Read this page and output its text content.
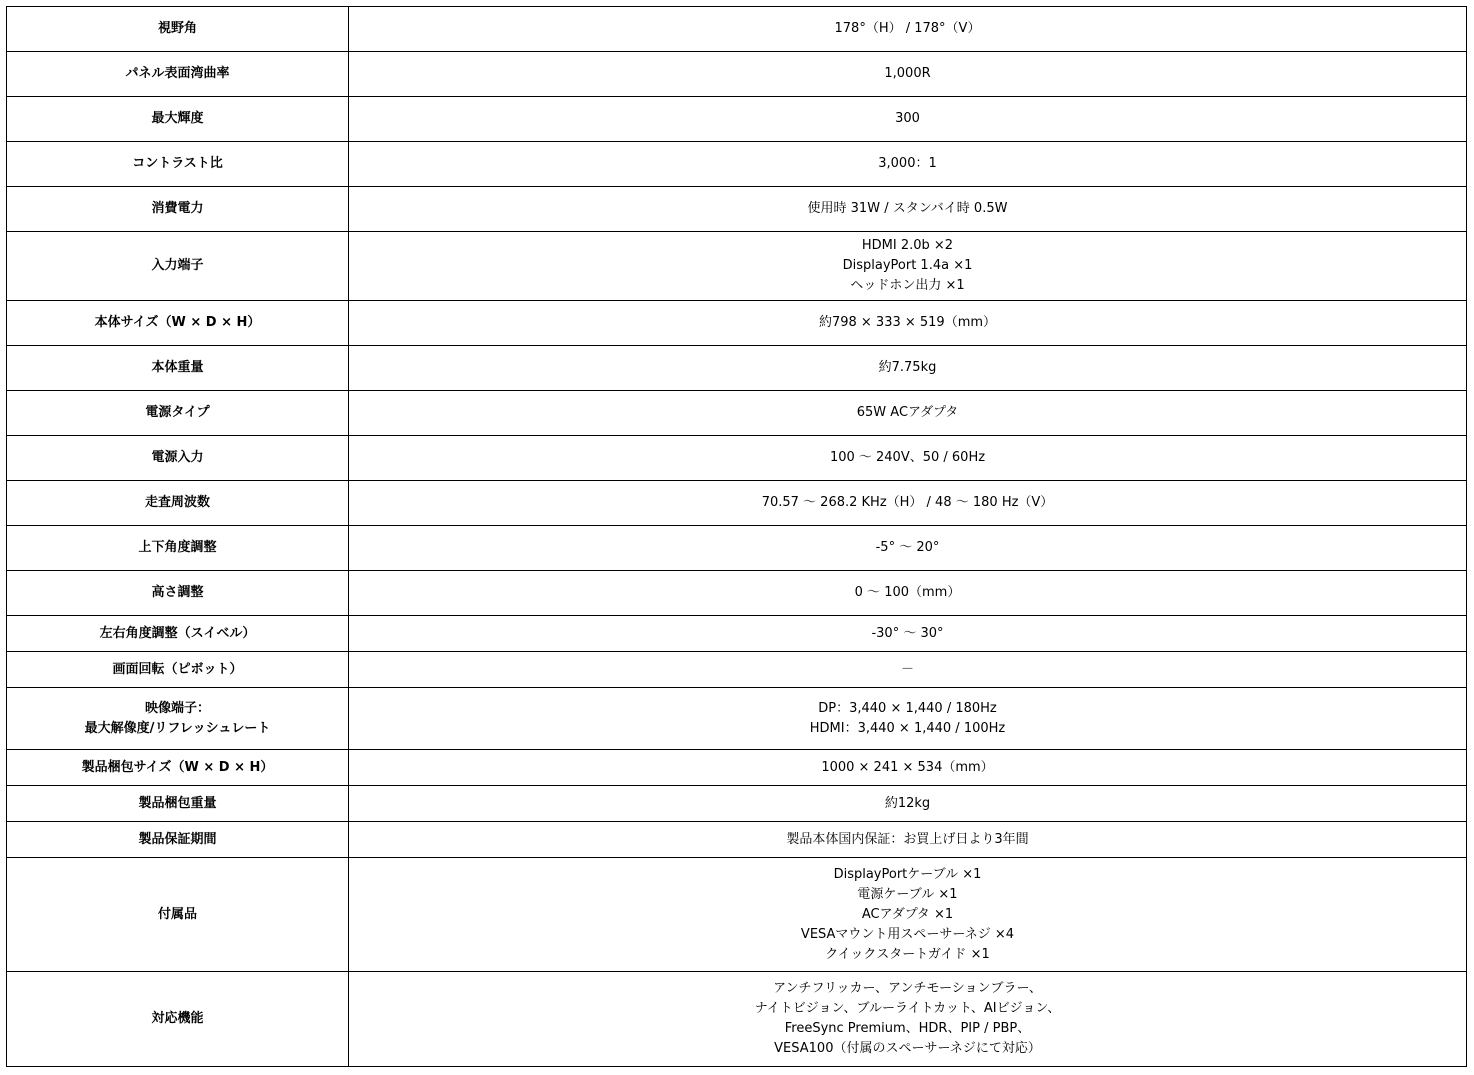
視野角	178°（H） / 178°（V）
パネル表面湾曲率	1,000R
最大輝度	300
コントラスト比	3,000：1
消費電力	使用時 31W / スタンバイ時 0.5W
入力端子	HDMI 2.0b ×2
DisplayPort 1.4a ×1
ヘッドホン出力 ×1
本体サイズ（W × D × H）	約798 × 333 × 519（mm）
本体重量	約7.75kg
電源タイプ	65W ACアダプタ
電源入力	100 ～ 240V、50 / 60Hz
走査周波数	70.57 ～ 268.2 KHz（H） / 48 ～ 180 Hz（V）
上下角度調整	-5° ～ 20°
高さ調整	0 ～ 100（mm）
左右角度調整（スイベル）	-30° ～ 30°
画面回転（ピボット）	－
映像端子：
最大解像度/リフレッシュレート	DP：3,440 × 1,440 / 180Hz
HDMI：3,440 × 1,440 / 100Hz
製品梱包サイズ（W × D × H）	1000 × 241 × 534（mm）
製品梱包重量	約12kg
製品保証期間	製品本体国内保証：お買上げ日より3年間
付属品	DisplayPortケーブル ×1
電源ケーブル ×1
ACアダプタ ×1
VESAマウント用スペーサーネジ ×4
クイックスタートガイド ×1
対応機能	アンチフリッカー、アンチモーションブラー、
ナイトビジョン、ブルーライトカット、AIビジョン、
FreeSync Premium、HDR、PIP / PBP、
VESA100（付属のスペーサーネジにて対応）
